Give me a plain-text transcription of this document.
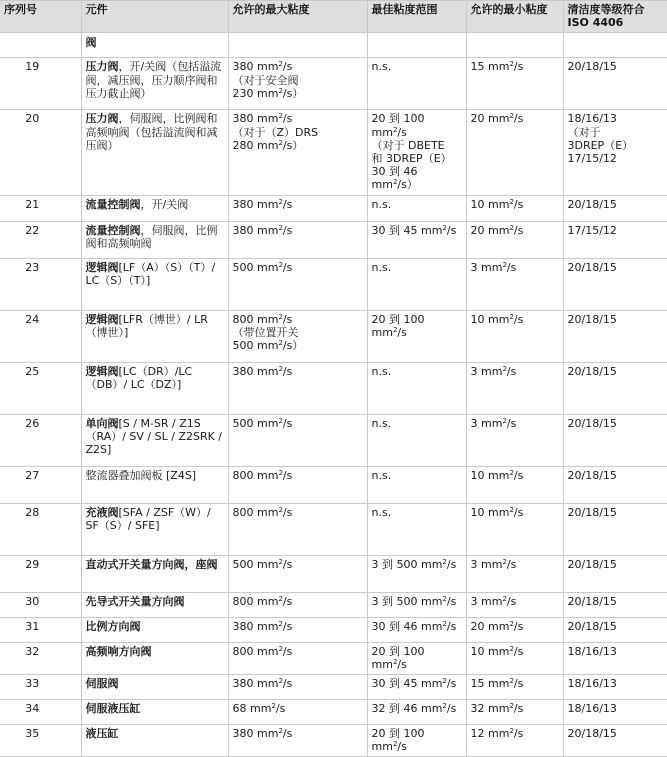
序列号	元件	允许的最大粘度	最佳粘度范围	允许的最小粘度	清洁度等级符合
ISO 4406

	阀				
19	压力阀，开/关阀（包括溢流阀，减压阀，压力顺序阀和压力截止阀）	380 $mm^2/s$
（对于安全阀
230 $mm^2/s$）	n.s.	15 $mm^2/s$	20/18/15

20	压力阀，伺服阀，比例阀和高频响阀（包括溢流阀和减压阀）	380 $mm^2/s$
（对于（Z）DRS
280 $mm^2/s$）	20 到 100 $mm^2/s$
（对于 DBETE
和 3DREP（E）
30 到 46 $mm^2/s$）	20 $mm^2/s$	18/16/13
（对于
3DREP（E）
17/15/12

21	流量控制阀，开/关阀	380 $mm^2/s$	n.s.	10 $mm^2/s$	20/18/15

22	流量控制阀，伺服阀，比例阀和高频响阀	380 $mm^2/s$	30 到 45 $mm^2/s$	20 $mm^2/s$	17/15/12

23	逻辑阀[LF（A）（S）（T）/ LC（S）（T）]	500 $mm^2/s$	n.s.	3 $mm^2/s$	20/18/15

24	逻辑阀[LFR（博世）/ LR（博世）]	800 $mm^2/s$
（带位置开关
500 $mm^2/s$）	20 到 100 $mm^2/s$	10 $mm^2/s$	20/18/15

25	逻辑阀[LC（DR）/LC（DB）/ LC（DZ）]	380 $mm^2/s$	n.s.	3 $mm^2/s$	20/18/15

26	单向阀[S / M-SR / Z1S（RA）/ SV / SL / Z2SRK / Z2S]	500 $mm^2/s$	n.s.	3 $mm^2/s$	20/18/15

27	整流器叠加阀板 [Z4S]	800 $mm^2/s$	n.s.	10 $mm^2/s$	20/18/15

28	充液阀[SFA / ZSF（W）/ SF（S）/ SFE]	800 $mm^2/s$	n.s.	10 $mm^2/s$	20/18/15

29	直动式开关量方向阀，座阀	500 $mm^2/s$	3 到 500 $mm^2/s$	3 $mm^2/s$	20/18/15

30	先导式开关量方向阀	800 $mm^2/s$	3 到 500 $mm^2/s$	3 $mm^2/s$	20/18/15

31	比例方向阀	380 $mm^2/s$	30 到 46 $mm^2/s$	20 $mm^2/s$	20/18/15

32	高频响方向阀	800 $mm^2/s$	20 到 100 $mm^2/s$	10 $mm^2/s$	18/16/13

33	伺服阀	380 $mm^2/s$	30 到 45 $mm^2/s$	15 $mm^2/s$	18/16/13

34	伺服液压缸	68 $mm^2/s$	32 到 46 $mm^2/s$	32 $mm^2/s$	18/16/13

35	液压缸	380 $mm^2/s$	20 到 100 $mm^2/s$	12 $mm^2/s$	20/18/15
